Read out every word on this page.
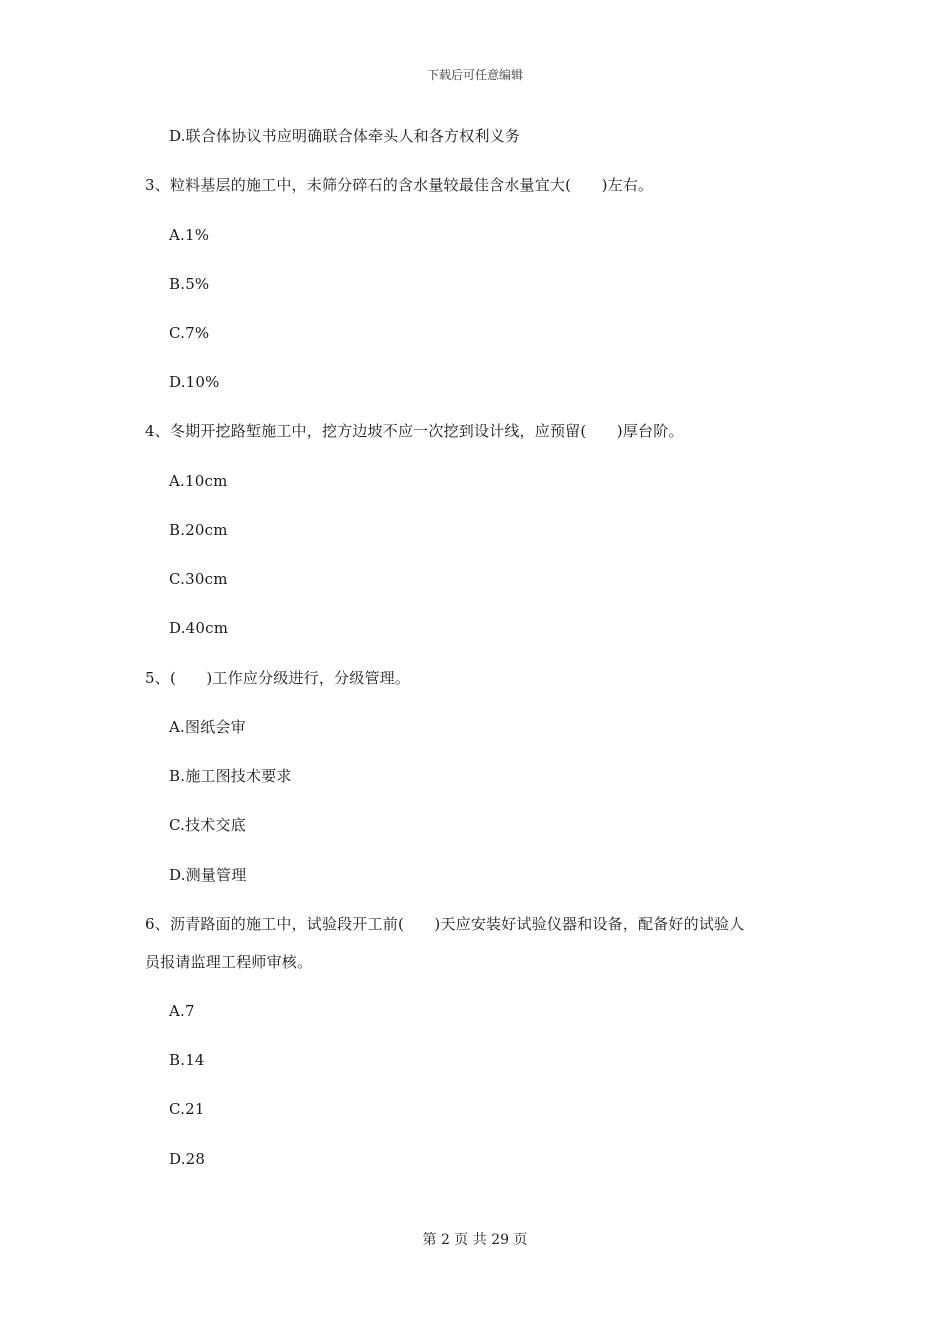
下载后可任意编辑
D.联合体协议书应明确联合体牵头人和各方权利义务
3、粒料基层的施工中，未筛分碎石的含水量较最佳含水量宜大(　　)左右。
A.1%
B.5%
C.7%
D.10%
4、冬期开挖路堑施工中，挖方边坡不应一次挖到设计线，应预留(　　)厚台阶。
A.10cm
B.20cm
C.30cm
D.40cm
5、(　　)工作应分级进行，分级管理。
A.图纸会审
B.施工图技术要求
C.技术交底
D.测量管理
6、沥青路面的施工中，试验段开工前(　　)天应安装好试验仪器和设备，配备好的试验人
员报请监理工程师审核。
A.7
B.14
C.21
D.28
第 2 页 共 29 页
